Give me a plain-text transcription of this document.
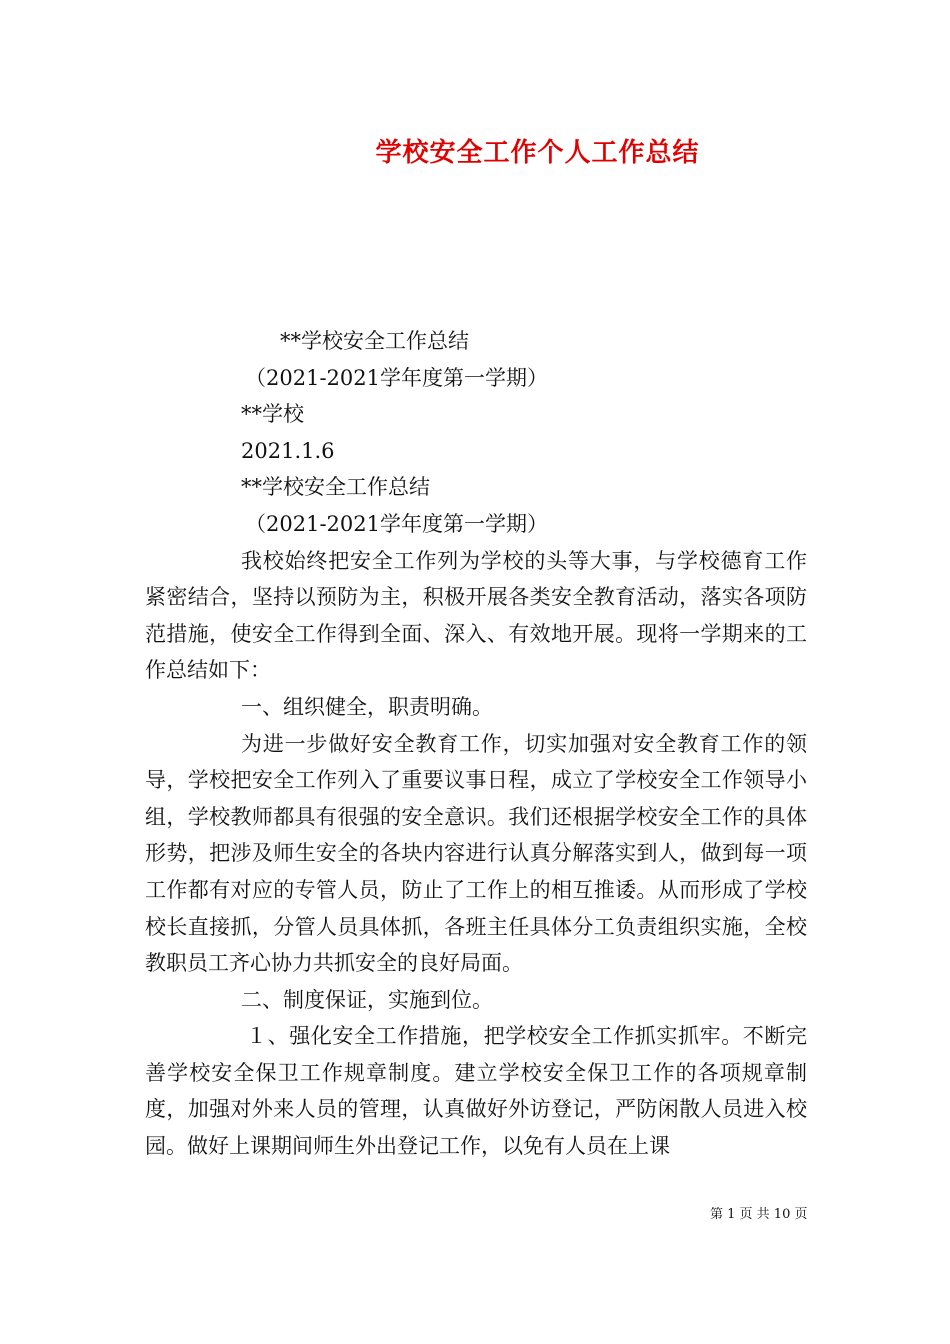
学校安全工作个人工作总结
**学校安全工作总结
（2021-2021学年度第一学期）
**学校
2021.1.6
**学校安全工作总结
（2021-2021学年度第一学期）

我校始终把安全工作列为学校的头等大事，与学校德育工作紧密结合，坚持以预防为主，积极开展各类安全教育活动，落实各项防范措施，使安全工作得到全面、深入、有效地开展。现将一学期来的工作总结如下：

一、组织健全，职责明确。

为进一步做好安全教育工作，切实加强对安全教育工作的领导，学校把安全工作列入了重要议事日程，成立了学校安全工作领导小组，学校教师都具有很强的安全意识。我们还根据学校安全工作的具体形势，把涉及师生安全的各块内容进行认真分解落实到人，做到每一项工作都有对应的专管人员，防止了工作上的相互推诿。从而形成了学校校长直接抓，分管人员具体抓，各班主任具体分工负责组织实施，全校教职员工齐心协力共抓安全的良好局面。

二、制度保证，实施到位。

１、强化安全工作措施，把学校安全工作抓实抓牢。不断完善学校安全保卫工作规章制度。建立学校安全保卫工作的各项规章制度，加强对外来人员的管理，认真做好外访登记，严防闲散人员进入校园。做好上课期间师生外出登记工作，以免有人员在上课

第 1 页 共 10 页
